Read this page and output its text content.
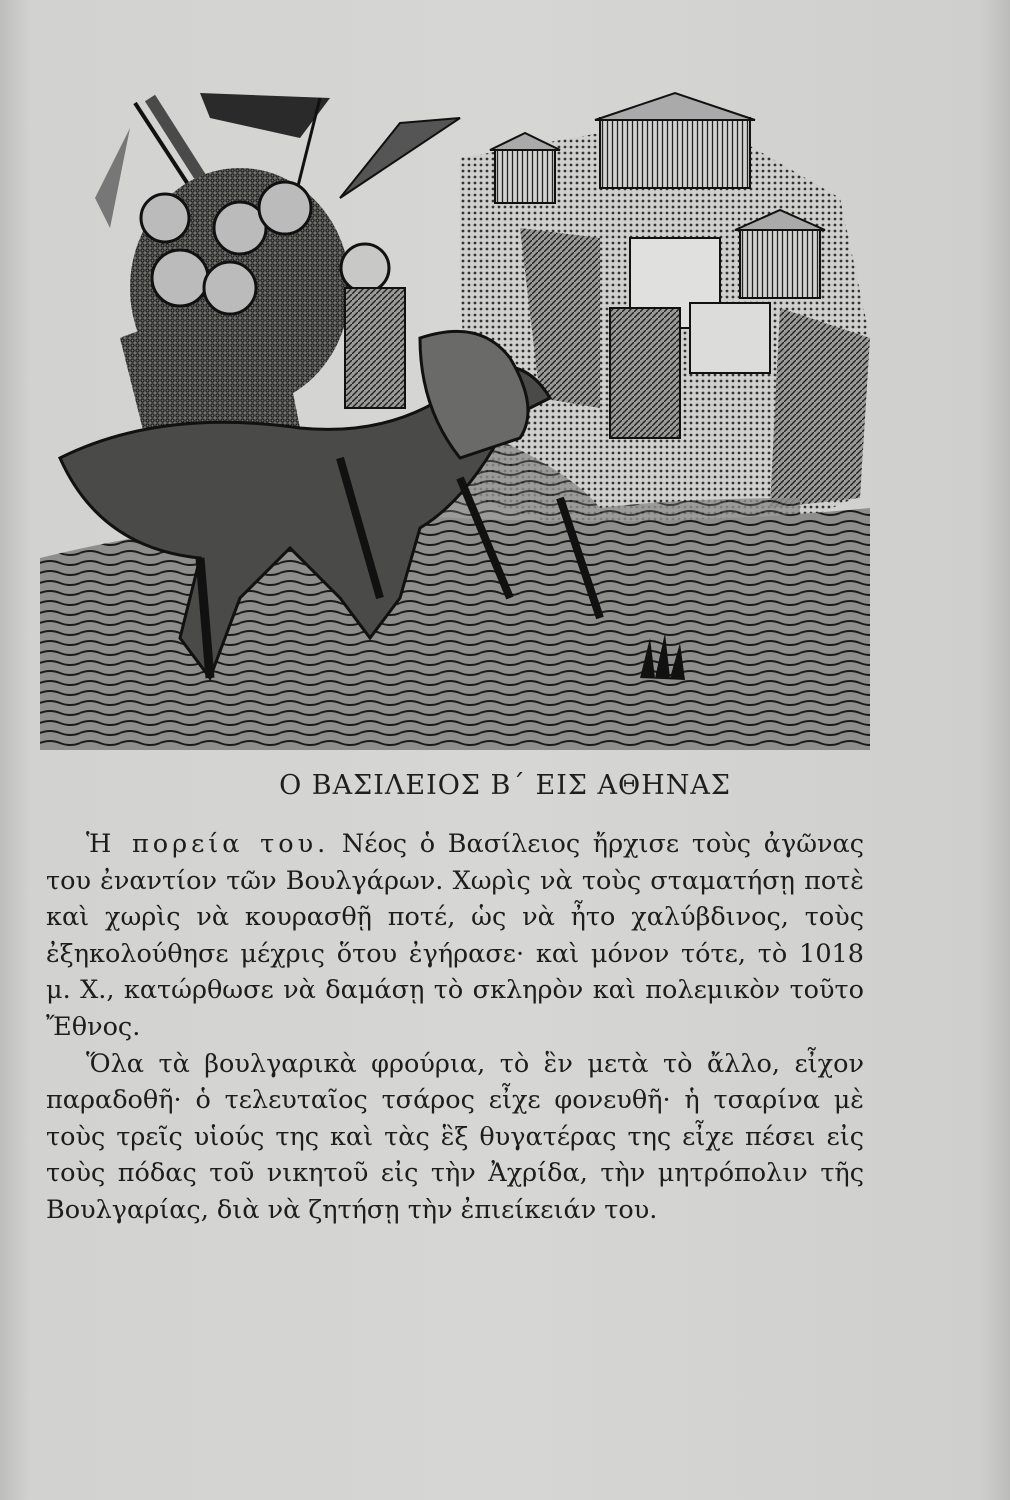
Ο ΒΑΣΙΛΕΙΟΣ Β΄ ΕΙΣ ΑΘΗΝΑΣ

Ἡ πορεία του. Νέος ὁ Βασίλειος ἤρχισε τοὺς ἀγῶνας του ἐναντίον τῶν Βουλγάρων. Χωρὶς νὰ τοὺς σταματήσῃ ποτὲ καὶ χωρὶς νὰ κουρασθῇ ποτέ, ὡς νὰ ἦτο χαλύβδινος, τοὺς ἐξηκολούθησε μέχρις ὅτου ἐγήρασε· καὶ μόνον τότε, τὸ 1018 μ. Χ., κατώρθωσε νὰ δαμάσῃ τὸ σκληρὸν καὶ πολεμικὸν τοῦτο Ἔθνος.

Ὅλα τὰ βουλγαρικὰ φρούρια, τὸ ἓν μετὰ τὸ ἄλλο, εἶχον παραδοθῆ· ὁ τελευταῖος τσάρος εἶχε φονευθῆ· ἡ τσαρίνα μὲ τοὺς τρεῖς υἱούς της καὶ τὰς ἓξ θυγατέρας της εἶχε πέσει εἰς τοὺς πόδας τοῦ νικητοῦ εἰς τὴν Ἀχρίδα, τὴν μητρόπολιν τῆς Βουλγαρίας, διὰ νὰ ζητήσῃ τὴν ἐπιείκειάν του.
